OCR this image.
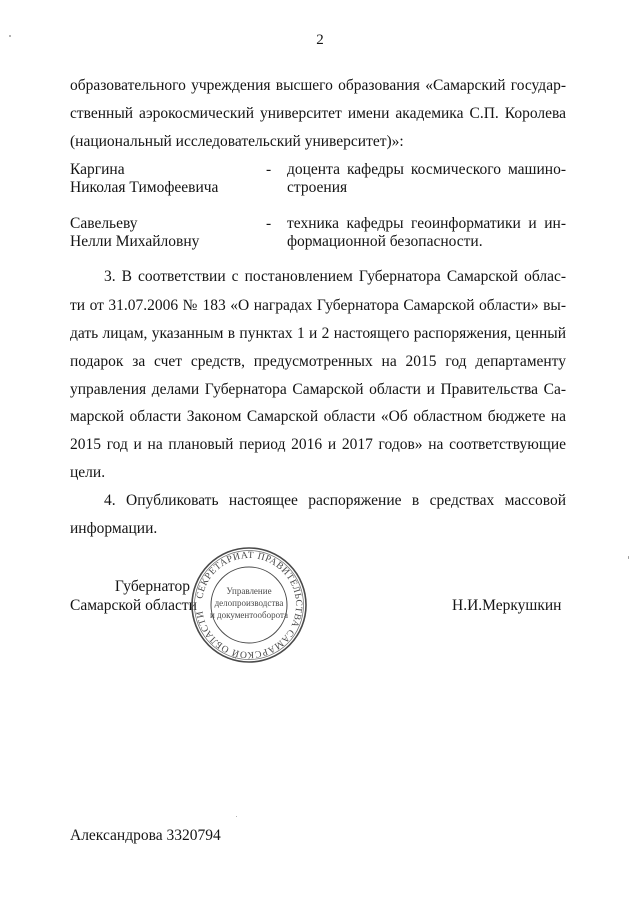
2
образовательного учреждения высшего образования «Самарский государ-
ственный аэрокосмический университет имени академика С.П. Королева
(национальный исследовательский университет)»:
Каргина
Николая Тимофеевича
- доцента кафедры космического машино-
строения
Савельеву
Нелли Михайловну
- техника кафедры геоинформатики и ин-
формационной безопасности.
3. В соответствии с постановлением Губернатора Самарской облас-
ти от 31.07.2006 № 183 «О наградах Губернатора Самарской области» вы-
дать лицам, указанным в пунктах 1 и 2 настоящего распоряжения, ценный
подарок за счет средств, предусмотренных на 2015 год департаменту
управления делами Губернатора Самарской области и Правительства Са-
марской области Законом Самарской области «Об областном бюджете на
2015 год и на плановый период 2016 и 2017 годов» на соответствующие
цели.
4. Опубликовать настоящее распоряжение в средствах массовой
информации.
Губернатор
Самарской области	Н.И.Меркушкин
СЕКРЕТАРИАТ ПРАВИТЕЛЬСТВА САМАРСКОЙ ОБЛАСТИ
Управление
делопроизводства
и документооборота
Александрова 3320794
